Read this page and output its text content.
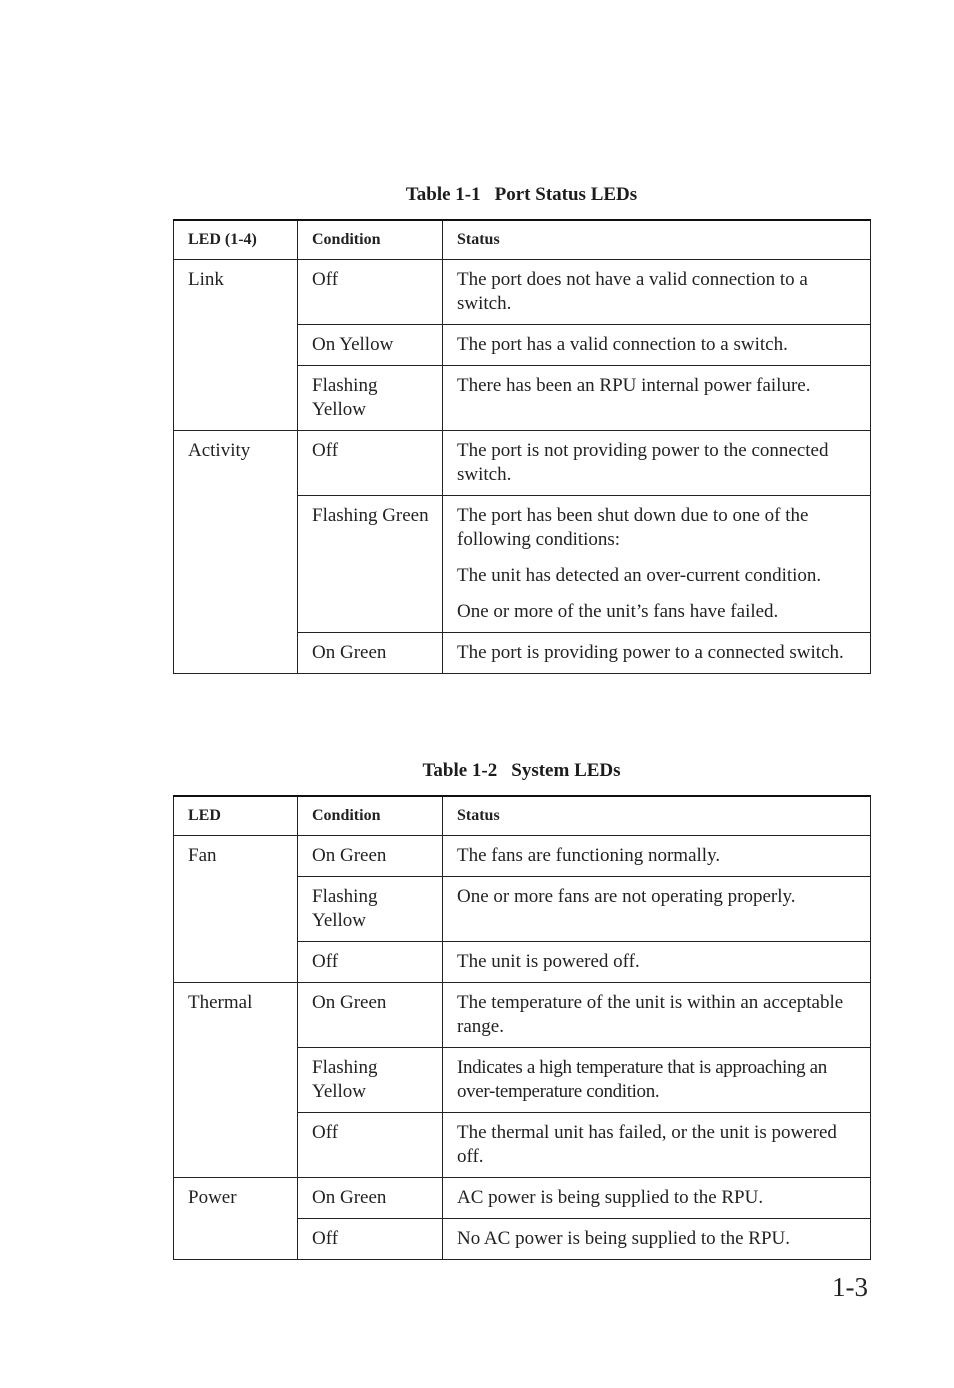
Table 1-1 Port Status LEDs
LED (1-4)	Condition	Status
Link	Off	The port does not have a valid connection to a switch.

	On Yellow	The port has a valid connection to a switch.

	Flashing Yellow	There has been an RPU internal power failure.

Activity	Off	The port is not providing power to the connected switch.

	Flashing Green	The port has been shut down due to one of the following conditions:
The unit has detected an over-current condition.
One or more of the unit’s fans have failed.

	On Green	The port is providing power to a connected switch.
Table 1-2 System LEDs
LED	Condition	Status
Fan	On Green	The fans are functioning normally.

	Flashing Yellow	One or more fans are not operating properly.

	Off	The unit is powered off.

Thermal	On Green	The temperature of the unit is within an acceptable range.

	Flashing Yellow	Indicates a high temperature that is approaching an over-temperature condition.

	Off	The thermal unit has failed, or the unit is powered off.

Power	On Green	AC power is being supplied to the RPU.

	Off	No AC power is being supplied to the RPU.
1-3
